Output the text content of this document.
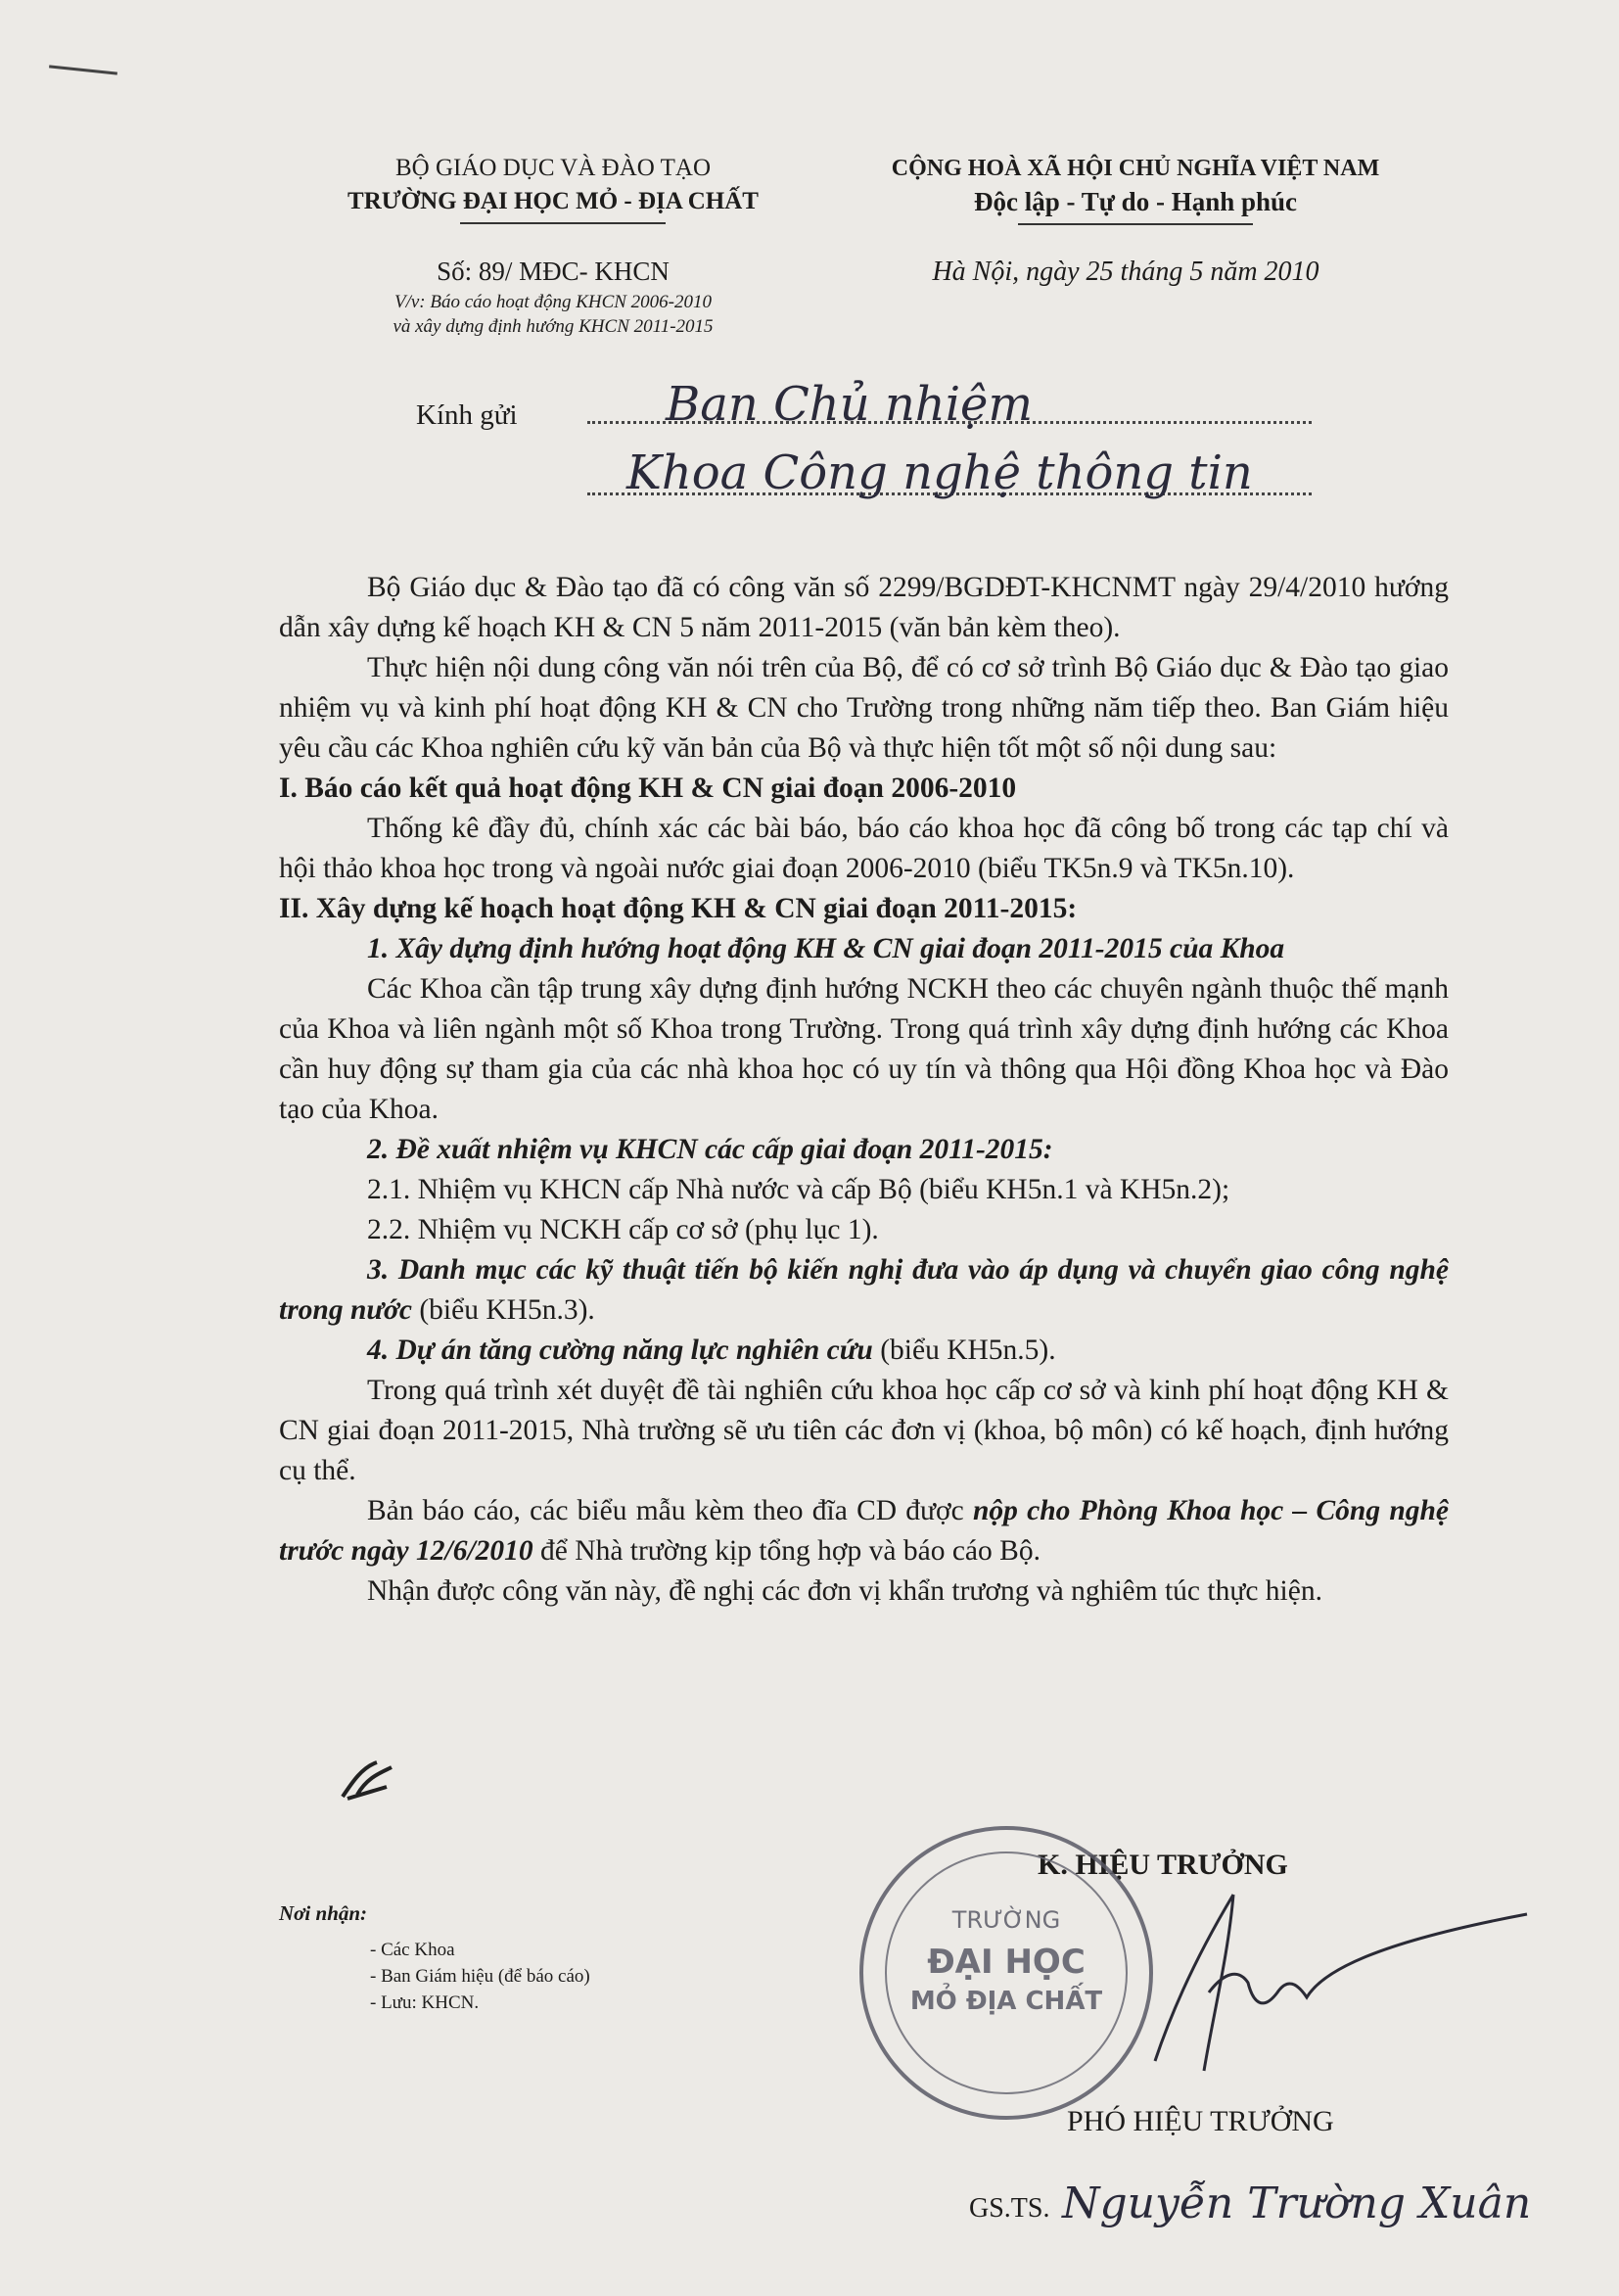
BỘ GIÁO DỤC VÀ ĐÀO TẠO
TRƯỜNG ĐẠI HỌC MỎ - ĐỊA CHẤT
CỘNG HOÀ XÃ HỘI CHỦ NGHĨA VIỆT NAM
Độc lập - Tự do - Hạnh phúc
Số: 89/ MĐC- KHCN
V/v: Báo cáo hoạt động KHCN 2006-2010
và xây dựng định hướng KHCN 2011-2015
Hà Nội, ngày 25 tháng 5 năm 2010
Kính gửi	Ban Chủ nhiệm
Khoa Công nghệ thông tin

Bộ Giáo dục & Đào tạo đã có công văn số 2299/BGDĐT-KHCNMT ngày 29/4/2010 hướng dẫn xây dựng kế hoạch KH & CN 5 năm 2011-2015 (văn bản kèm theo).

Thực hiện nội dung công văn nói trên của Bộ, để có cơ sở trình Bộ Giáo dục & Đào tạo giao nhiệm vụ và kinh phí hoạt động KH & CN cho Trường trong những năm tiếp theo. Ban Giám hiệu yêu cầu các Khoa nghiên cứu kỹ văn bản của Bộ và thực hiện tốt một số nội dung sau:

I. Báo cáo kết quả hoạt động KH & CN giai đoạn 2006-2010

Thống kê đầy đủ, chính xác các bài báo, báo cáo khoa học đã công bố trong các tạp chí và hội thảo khoa học trong và ngoài nước giai đoạn 2006-2010 (biểu TK5n.9 và TK5n.10).

II. Xây dựng kế hoạch hoạt động KH & CN giai đoạn 2011-2015:

1. Xây dựng định hướng hoạt động KH & CN giai đoạn 2011-2015 của Khoa

Các Khoa cần tập trung xây dựng định hướng NCKH theo các chuyên ngành thuộc thế mạnh của Khoa và liên ngành một số Khoa trong Trường. Trong quá trình xây dựng định hướng các Khoa cần huy động sự tham gia của các nhà khoa học có uy tín và thông qua Hội đồng Khoa học và Đào tạo của Khoa.

2. Đề xuất nhiệm vụ KHCN các cấp giai đoạn 2011-2015:

2.1. Nhiệm vụ KHCN cấp Nhà nước và cấp Bộ (biểu KH5n.1 và KH5n.2);

2.2. Nhiệm vụ NCKH cấp cơ sở (phụ lục 1).

3. Danh mục các kỹ thuật tiến bộ kiến nghị đưa vào áp dụng và chuyển giao công nghệ trong nước (biểu KH5n.3).

4. Dự án tăng cường năng lực nghiên cứu (biểu KH5n.5).

Trong quá trình xét duyệt đề tài nghiên cứu khoa học cấp cơ sở và kinh phí hoạt động KH & CN giai đoạn 2011-2015, Nhà trường sẽ ưu tiên các đơn vị (khoa, bộ môn) có kế hoạch, định hướng cụ thể.

Bản báo cáo, các biểu mẫu kèm theo đĩa CD được nộp cho Phòng Khoa học – Công nghệ trước ngày 12/6/2010 để Nhà trường kịp tổng hợp và báo cáo Bộ.

Nhận được công văn này, đề nghị các đơn vị khẩn trương và nghiêm túc thực hiện.

Nơi nhận:
- Các Khoa
- Ban Giám hiệu (để báo cáo)
- Lưu: KHCN.
K. HIỆU TRƯỞNG
TRƯỜNG
ĐẠI HỌC
MỎ ĐỊA CHẤT
PHÓ HIỆU TRƯỞNG
GS.TS. Nguyễn Trường Xuân
